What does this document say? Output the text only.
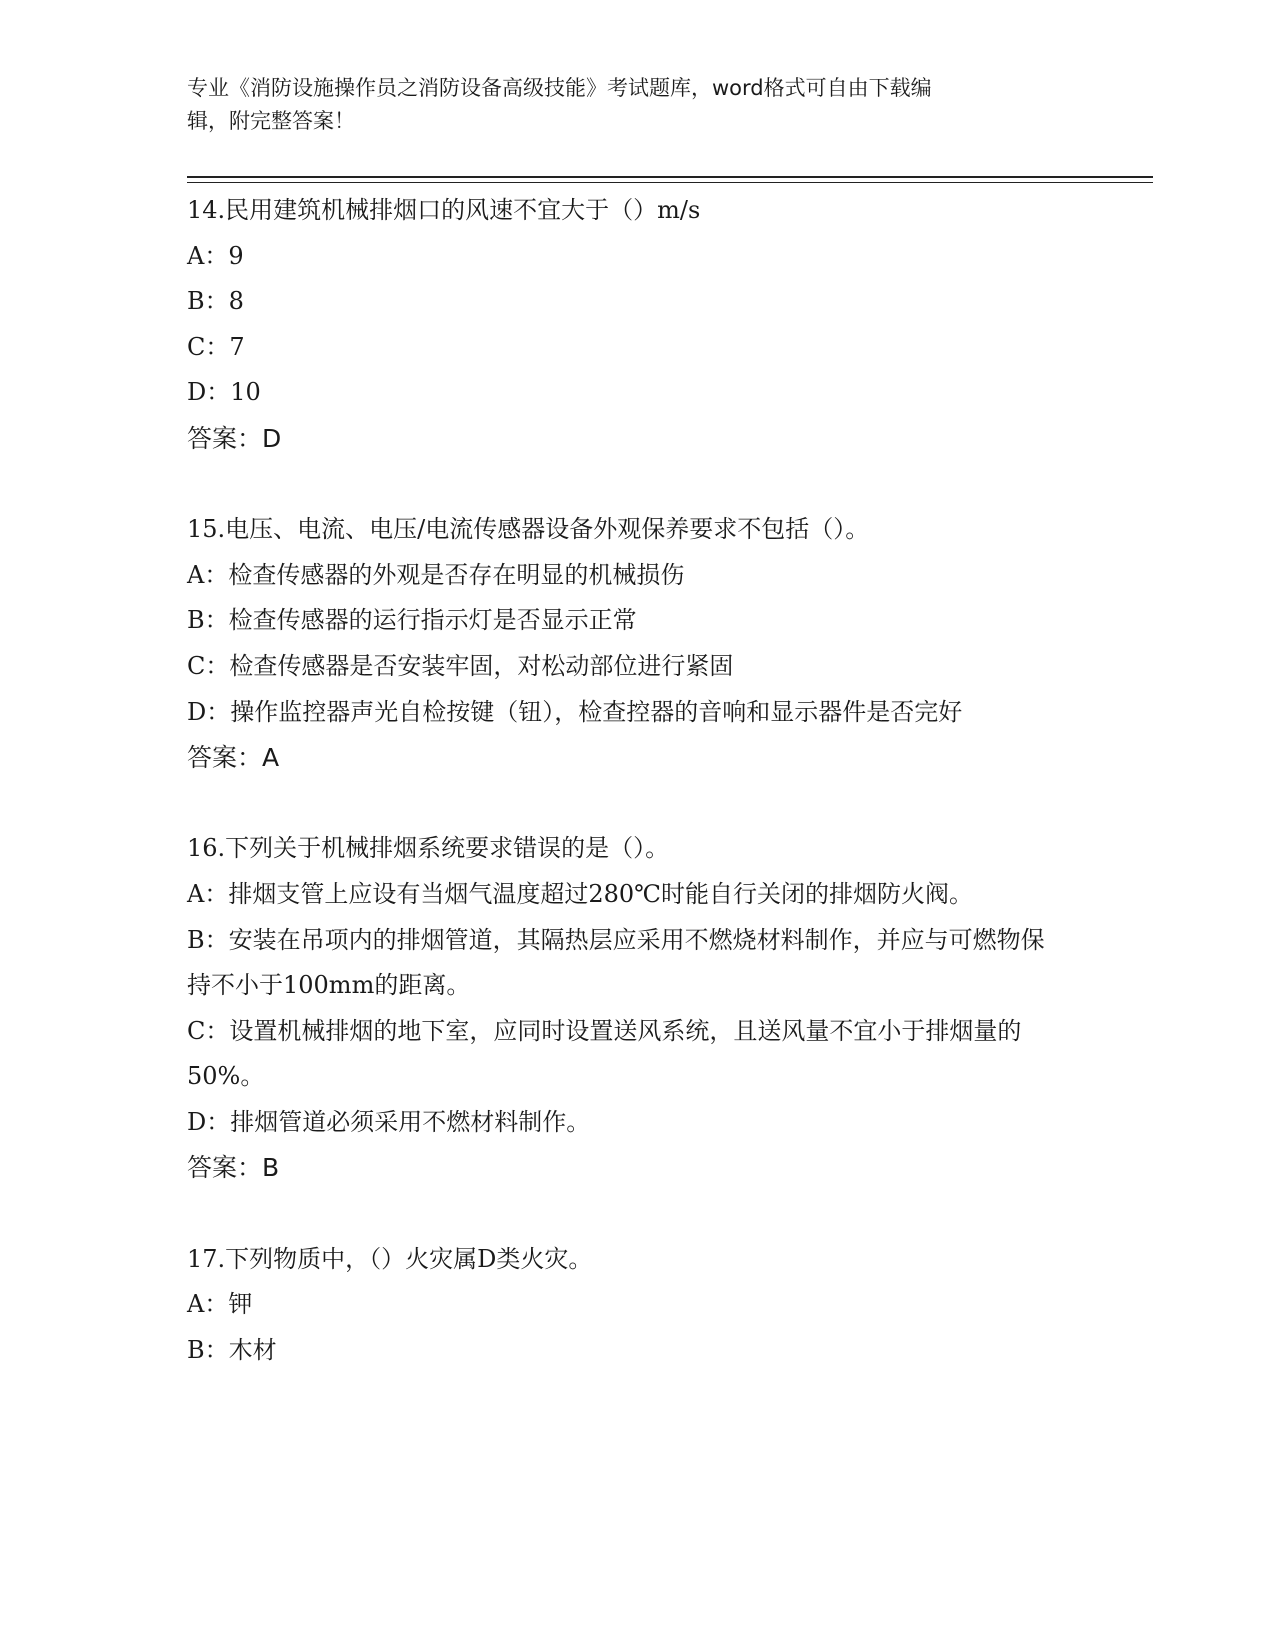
专业《消防设施操作员之消防设备高级技能》考试题库，word格式可自由下载编
辑，附完整答案！

14.民用建筑机械排烟口的风速不宜大于（）m/s

A：9

B：8

C：7

D：10

答案：D

15.电压、电流、电压/电流传感器设备外观保养要求不包括（）。

A：检查传感器的外观是否存在明显的机械损伤

B：检查传感器的运行指示灯是否显示正常

C：检查传感器是否安装牢固，对松动部位进行紧固

D：操作监控器声光自检按键（钮），检查控器的音响和显示器件是否完好

答案：A

16.下列关于机械排烟系统要求错误的是（）。

A：排烟支管上应设有当烟气温度超过280℃时能自行关闭的排烟防火阀。

B：安装在吊项内的排烟管道，其隔热层应采用不燃烧材料制作，并应与可燃物保持不小于100mm的距离。

C：设置机械排烟的地下室，应同时设置送风系统，且送风量不宜小于排烟量的50%。

D：排烟管道必须采用不燃材料制作。

答案：B

17.下列物质中，（）火灾属D类火灾。

A：钾

B：木材
